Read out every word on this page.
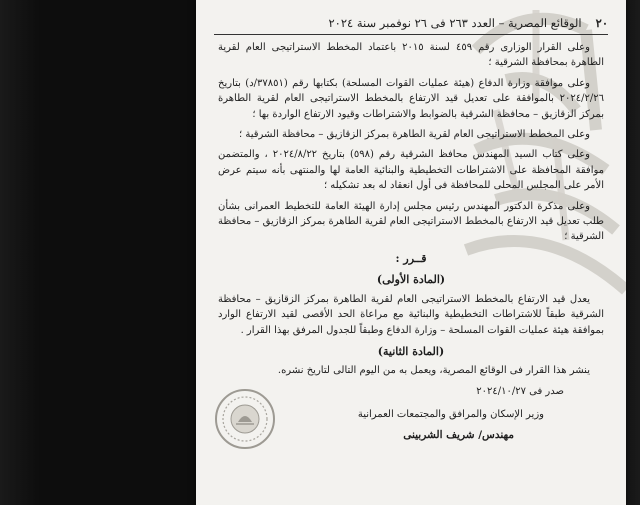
٢٠
الوقائع المصرية – العدد ٢٦٣ فى ٢٦ نوفمبر سنة ٢٠٢٤

وعلى القرار الوزارى رقم ٤٥٩ لسنة ٢٠١٥ باعتماد المخطط الاستراتيجى العام لقرية الطاهرة بمحافظة الشرقية ؛

وعلى موافقة وزارة الدفاع (هيئة عمليات القوات المسلحة) بكتابها رقم (٣٧٨٥١/د) بتاريخ ٢٠٢٤/٢/٢٦ بالموافقة على تعديل قيد الارتفاع بالمخطط الاستراتيجى العام لقرية الطاهرة بمركز الزقازيق – محافظة الشرقية بالضوابط والاشتراطات وقيود الارتفاع الواردة بها ؛

وعلى المخطط الاستراتيجى العام لقرية الطاهرة بمركز الزقازيق – محافظة الشرقية ؛

وعلى كتاب السيد المهندس محافظ الشرقية رقم (٥٩٨) بتاريخ ٢٠٢٤/٨/٢٢ ، والمتضمن موافقة المحافظة على الاشتراطات التخطيطية والبنائية العامة لها والمنتهى بأنه سيتم عرض الأمر على المجلس المحلى للمحافظة فى أول انعقاد له بعد تشكيله ؛

وعلى مذكرة الدكتور المهندس رئيس مجلس إدارة الهيئة العامة للتخطيط العمرانى بشأن طلب تعديل قيد الارتفاع بالمخطط الاستراتيجى العام لقرية الطاهرة بمركز الزقازيق – محافظة الشرقية ؛

قــرر :

(المادة الأولى)

يعدل قيد الارتفاع بالمخطط الاستراتيجى العام لقرية الطاهرة بمركز الزقازيق – محافظة الشرقية طبقاً للاشتراطات التخطيطية والبنائية مع مراعاة الحد الأقصى لقيد الارتفاع الوارد بموافقة هيئة عمليات القوات المسلحة – وزارة الدفاع وطبقاً للجدول المرفق بهذا القرار .

(المادة الثانية)

ينشر هذا القرار فى الوقائع المصرية، ويعمل به من اليوم التالى لتاريخ نشره.

صدر فى ٢٠٢٤/١٠/٢٧

وزير الإسكان والمرافق والمجتمعات العمرانية

مهندس/ شريف الشربينى
